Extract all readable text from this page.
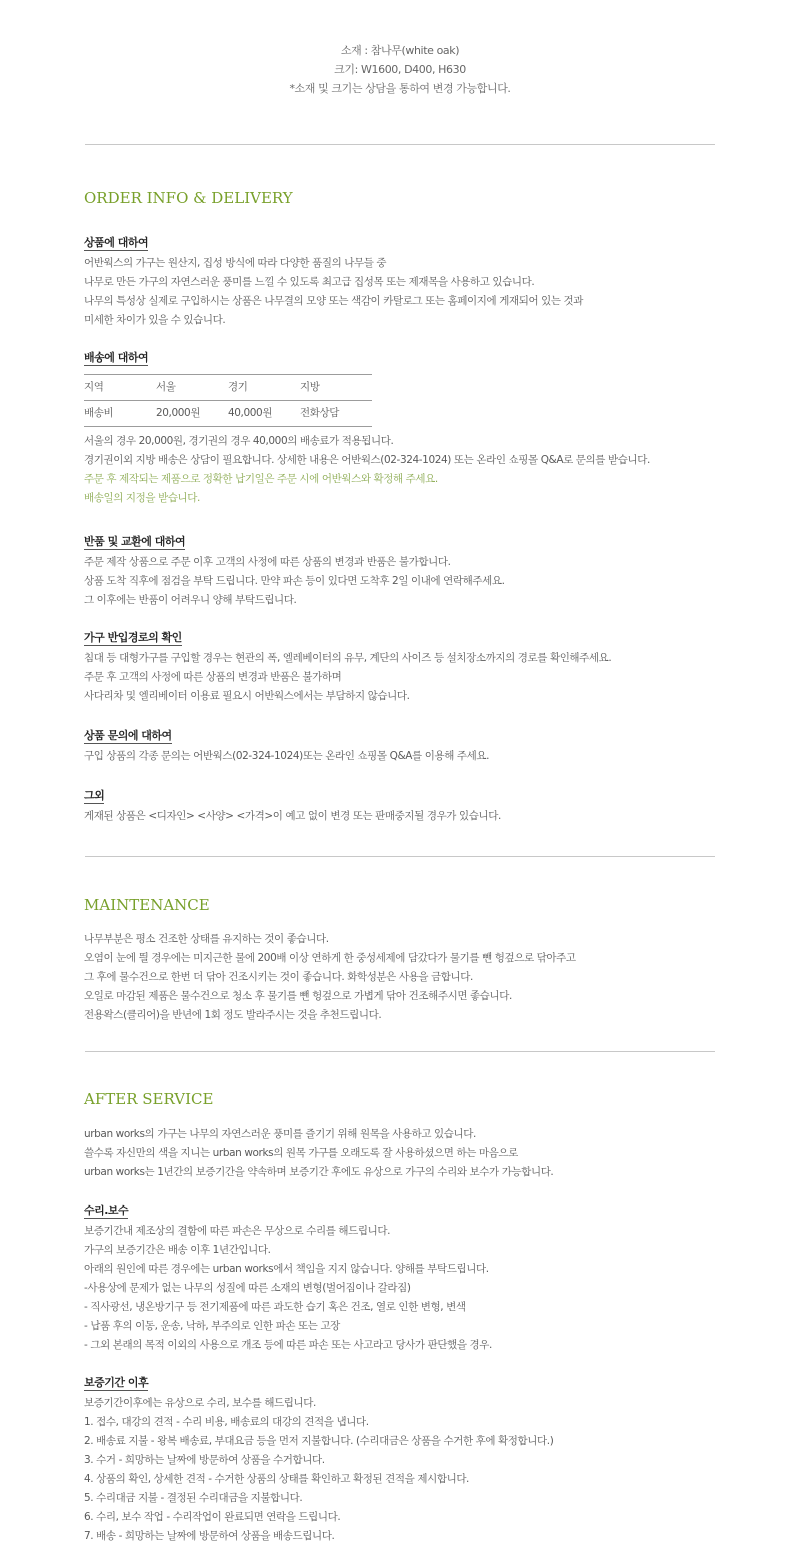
소재 : 참나무(white oak)
크기: W1600, D400, H630
*소재 및 크기는 상담을 통하여 변경 가능합니다.
ORDER INFO & DELIVERY
상품에 대하여
어반웍스의 가구는 원산지, 집성 방식에 따라 다양한 품질의 나무들 중
나무로 만든 가구의 자연스러운 풍미를 느낄 수 있도록 최고급 집성목 또는 제재목을 사용하고 있습니다.
나무의 특성상 실제로 구입하시는 상품은 나무결의 모양 또는 색감이 카탈로그 또는 홈페이지에 게재되어 있는 것과
미세한 차이가 있을 수 있습니다.
배송에 대하여
지역	서울	경기	지방
배송비	20,000원	40,000원	전화상담
서울의 경우 20,000원, 경기권의 경우 40,000의 배송료가 적용됩니다.
경기권이외 지방 배송은 상담이 필요합니다. 상세한 내용은 어반웍스(02-324-1024) 또는 온라인 쇼핑몰 Q&A로 문의를 받습니다.
주문 후 제작되는 제품으로 정확한 납기일은 주문 시에 어반웍스와 확정해 주세요.
배송일의 지정을 받습니다.
반품 및 교환에 대하여
주문 제작 상품으로 주문 이후 고객의 사정에 따른 상품의 변경과 반품은 불가합니다.
상품 도착 직후에 점검을 부탁 드립니다. 만약 파손 등이 있다면 도착후 2일 이내에 연락해주세요.
그 이후에는 반품이 어려우니 양해 부탁드립니다.
가구 반입경로의 확인
침대 등 대형가구를 구입할 경우는 현관의 폭, 엘레베이터의 유무, 계단의 사이즈 등 설치장소까지의 경로를 확인해주세요.
주문 후 고객의 사정에 따른 상품의 변경과 반품은 불가하며
사다리차 및 엘리베이터 이용료 필요시 어반웍스에서는 부담하지 않습니다.
상품 문의에 대하여
구입 상품의 각종 문의는 어반웍스(02-324-1024)또는 온라인 쇼핑몰 Q&A를 이용해 주세요.
그외
게재된 상품은 <디자인> <사양> <가격>이 예고 없이 변경 또는 판매중지될 경우가 있습니다.
MAINTENANCE
나무부분은 평소 건조한 상태를 유지하는 것이 좋습니다.
오염이 눈에 띌 경우에는 미지근한 물에 200배 이상 연하게 한 중성세제에 담갔다가 물기를 뺀 헝겊으로 닦아주고
그 후에 물수건으로 한번 더 닦아 건조시키는 것이 좋습니다. 화학성분은 사용을 금합니다.
오일로 마감된 제품은 물수건으로 청소 후 물기를 뺀 헝겊으로 가볍게 닦아 건조해주시면 좋습니다.
전용왁스(클리어)을 반년에 1회 정도 발라주시는 것을 추천드립니다.
AFTER SERVICE
urban works의 가구는 나무의 자연스러운 풍미를 즐기기 위해 원목을 사용하고 있습니다.
쓸수록 자신만의 색을 지니는 urban works의 원목 가구를 오래도록 잘 사용하셨으면 하는 마음으로
urban works는 1년간의 보증기간을 약속하며 보증기간 후에도 유상으로 가구의 수리와 보수가 가능합니다.
수리.보수
보증기간내 제조상의 결함에 따른 파손은 무상으로 수리를 해드립니다.
가구의 보증기간은 배송 이후 1년간입니다.
아래의 원인에 따른 경우에는 urban works에서 책임을 지지 않습니다. 양해를 부탁드립니다.
-사용상에 문제가 없는 나무의 성질에 따른 소재의 변형(벌어짐이나 갈라짐)
- 직사광선, 냉온방기구 등 전기제품에 따른 과도한 습기 혹은 건조, 열로 인한 변형, 변색
- 납품 후의 이동, 운송, 낙하, 부주의로 인한 파손 또는 고장
- 그외 본래의 목적 이외의 사용으로 개조 등에 따른 파손 또는 사고라고 당사가 판단했을 경우.
보증기간 이후
보증기간이후에는 유상으로 수리, 보수를 해드립니다.
1. 접수, 대강의 견적 - 수리 비용, 배송료의 대강의 견적을 냅니다.
2. 배송료 지불 - 왕복 배송료, 부대요금 등을 먼저 지불합니다. (수리대금은 상품을 수거한 후에 확정합니다.)
3. 수거 - 희망하는 날짜에 방문하여 상품을 수거합니다.
4. 상품의 확인, 상세한 견적 - 수거한 상품의 상태를 확인하고 확정된 견적을 제시합니다.
5. 수리대금 지불 - 결정된 수리대금을 지불합니다.
6. 수리, 보수 작업 - 수리작업이 완료되면 연락을 드립니다.
7. 배송 - 희망하는 날짜에 방문하여 상품을 배송드립니다.
